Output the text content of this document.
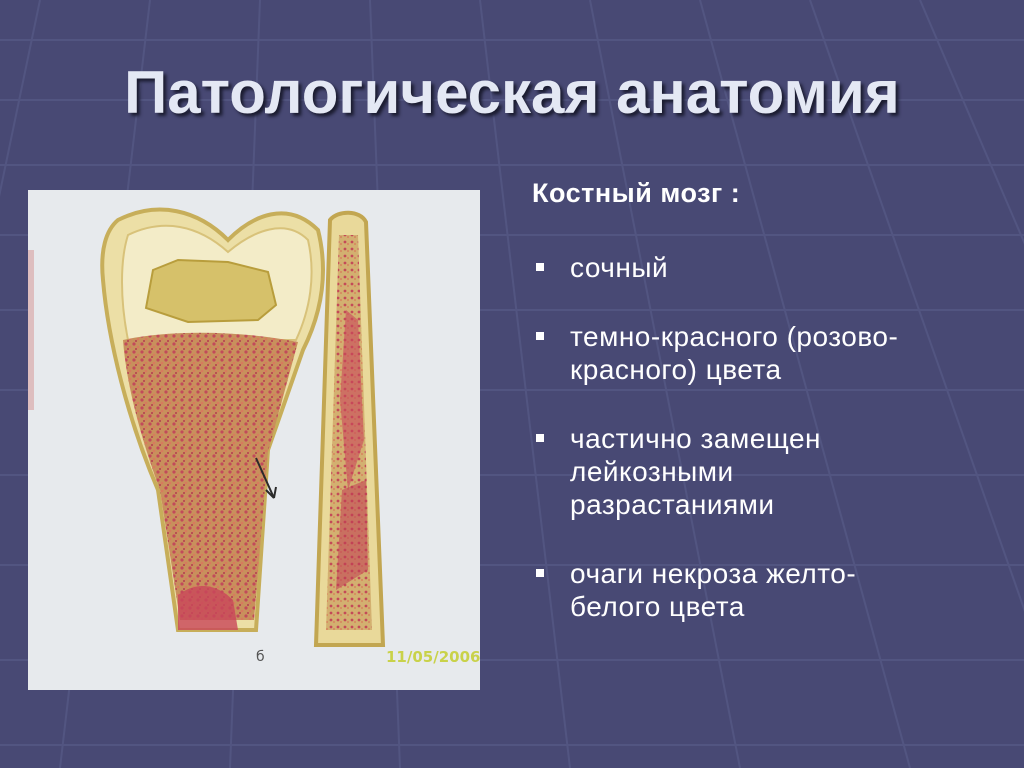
Патологическая анатомия
б	11/05/2006
Костный мозг :
сочный
темно-красного (розово-
красного) цвета
частично замещен
лейкозными
разрастаниями
очаги некроза желто-
белого цвета
